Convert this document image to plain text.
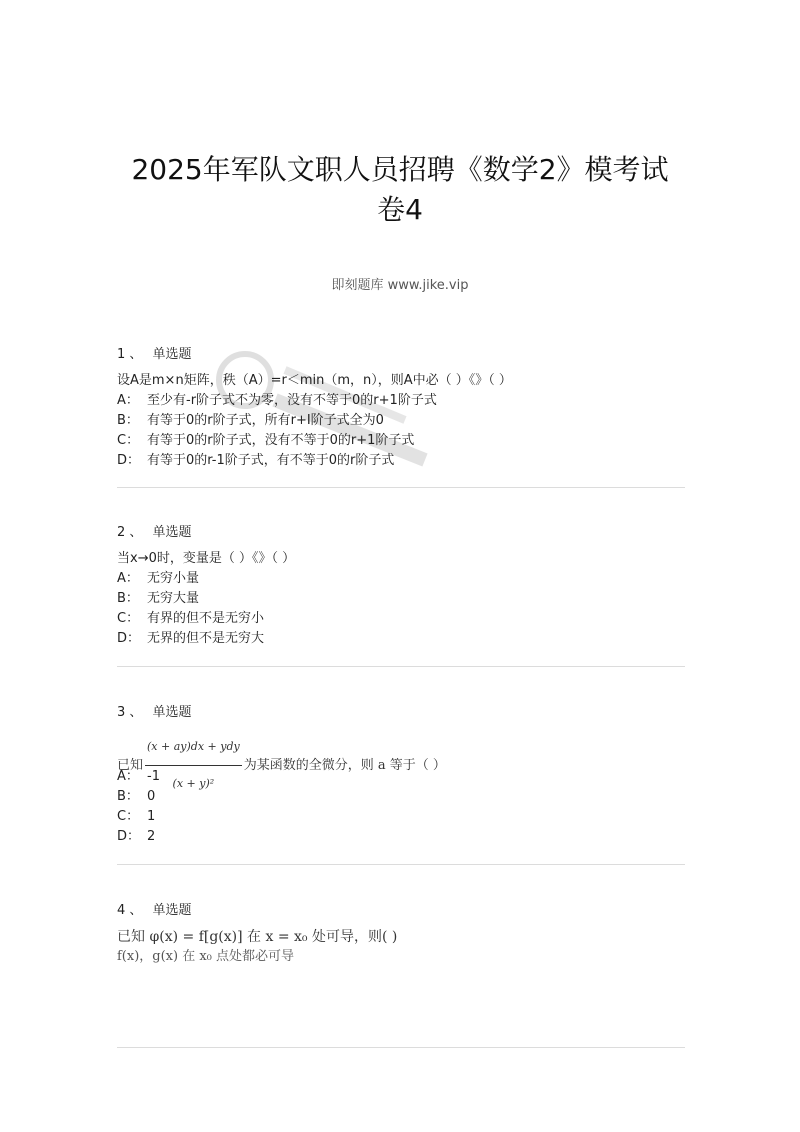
2025年军队文职人员招聘《数学2》模考试
卷4
即刻题库 www.jike.vip
1 、 单选题
设A是m×n矩阵，秩（A）=r＜min（m，n），则A中必（ ）《》（ ）
A： 至少有-r阶子式不为零，没有不等于0的r+1阶子式
B： 有等于0的r阶子式，所有r+I阶子式全为0
C： 有等于0的r阶子式，没有不等于0的r+1阶子式
D： 有等于0的r-1阶子式，有不等于0的r阶子式
2 、 单选题
当x→0时，变量是（ ）《》（ ）
A： 无穷小量
B： 无穷大量
C： 有界的但不是无穷小
D： 无界的但不是无穷大
3 、 单选题
已知 $\frac{\text{(x + ay)dx + ydy}}{\text{(x + y)²}}$ 为某函数的全微分，则 a 等于（ ）
A： -1
B： 0
C： 1
D： 2
4 、 单选题
已知 φ(x) = f[g(x)] 在 x = x₀ 处可导，则( )
f(x)，g(x) 在 x₀ 点处都必可导
